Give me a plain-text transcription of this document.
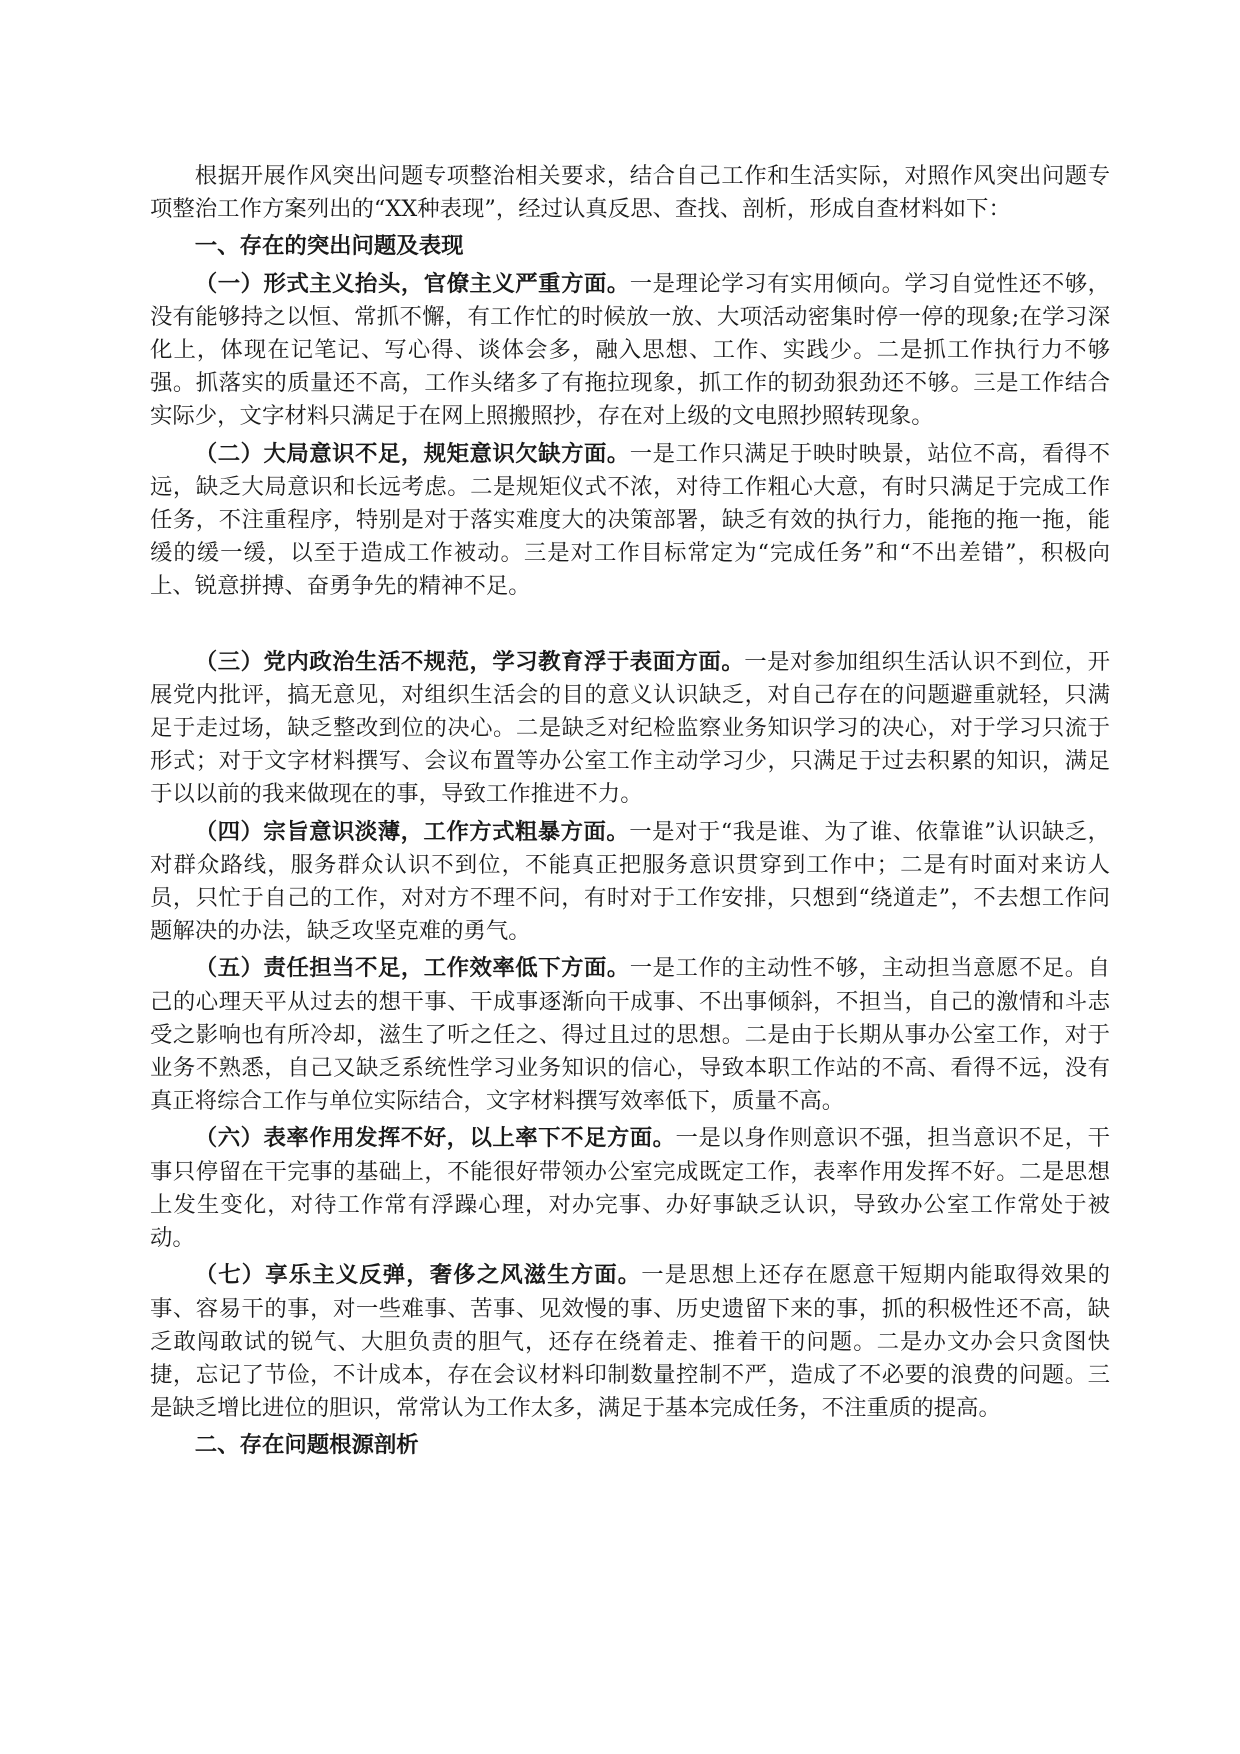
根据开展作风突出问题专项整治相关要求，结合自己工作和生活实际，对照作风突出问题专项整治工作方案列出的“XX种表现”，经过认真反思、查找、剖析，形成自查材料如下：

一、存在的突出问题及表现

（一）形式主义抬头，官僚主义严重方面。一是理论学习有实用倾向。学习自觉性还不够，没有能够持之以恒、常抓不懈，有工作忙的时候放一放、大项活动密集时停一停的现象;在学习深化上，体现在记笔记、写心得、谈体会多，融入思想、工作、实践少。二是抓工作执行力不够强。抓落实的质量还不高，工作头绪多了有拖拉现象，抓工作的韧劲狠劲还不够。三是工作结合实际少，文字材料只满足于在网上照搬照抄，存在对上级的文电照抄照转现象。

（二）大局意识不足，规矩意识欠缺方面。一是工作只满足于映时映景，站位不高，看得不远，缺乏大局意识和长远考虑。二是规矩仪式不浓，对待工作粗心大意，有时只满足于完成工作任务，不注重程序，特别是对于落实难度大的决策部署，缺乏有效的执行力，能拖的拖一拖，能缓的缓一缓，以至于造成工作被动。三是对工作目标常定为“完成任务”和“不出差错”，积极向上、锐意拼搏、奋勇争先的精神不足。

（三）党内政治生活不规范，学习教育浮于表面方面。一是对参加组织生活认识不到位，开展党内批评，搞无意见，对组织生活会的目的意义认识缺乏，对自己存在的问题避重就轻，只满足于走过场，缺乏整改到位的决心。二是缺乏对纪检监察业务知识学习的决心，对于学习只流于形式；对于文字材料撰写、会议布置等办公室工作主动学习少，只满足于过去积累的知识，满足于以以前的我来做现在的事，导致工作推进不力。

（四）宗旨意识淡薄，工作方式粗暴方面。一是对于“我是谁、为了谁、依靠谁”认识缺乏，对群众路线，服务群众认识不到位，不能真正把服务意识贯穿到工作中；二是有时面对来访人员，只忙于自己的工作，对对方不理不问，有时对于工作安排，只想到“绕道走”，不去想工作问题解决的办法，缺乏攻坚克难的勇气。

（五）责任担当不足，工作效率低下方面。一是工作的主动性不够，主动担当意愿不足。自己的心理天平从过去的想干事、干成事逐渐向干成事、不出事倾斜，不担当，自己的激情和斗志受之影响也有所冷却，滋生了听之任之、得过且过的思想。二是由于长期从事办公室工作，对于业务不熟悉，自己又缺乏系统性学习业务知识的信心，导致本职工作站的不高、看得不远，没有真正将综合工作与单位实际结合，文字材料撰写效率低下，质量不高。

（六）表率作用发挥不好，以上率下不足方面。一是以身作则意识不强，担当意识不足，干事只停留在干完事的基础上，不能很好带领办公室完成既定工作，表率作用发挥不好。二是思想上发生变化，对待工作常有浮躁心理，对办完事、办好事缺乏认识，导致办公室工作常处于被动。

（七）享乐主义反弹，奢侈之风滋生方面。一是思想上还存在愿意干短期内能取得效果的事、容易干的事，对一些难事、苦事、见效慢的事、历史遗留下来的事，抓的积极性还不高，缺乏敢闯敢试的锐气、大胆负责的胆气，还存在绕着走、推着干的问题。二是办文办会只贪图快捷，忘记了节俭，不计成本，存在会议材料印制数量控制不严，造成了不必要的浪费的问题。三是缺乏增比进位的胆识，常常认为工作太多，满足于基本完成任务，不注重质的提高。

二、存在问题根源剖析
